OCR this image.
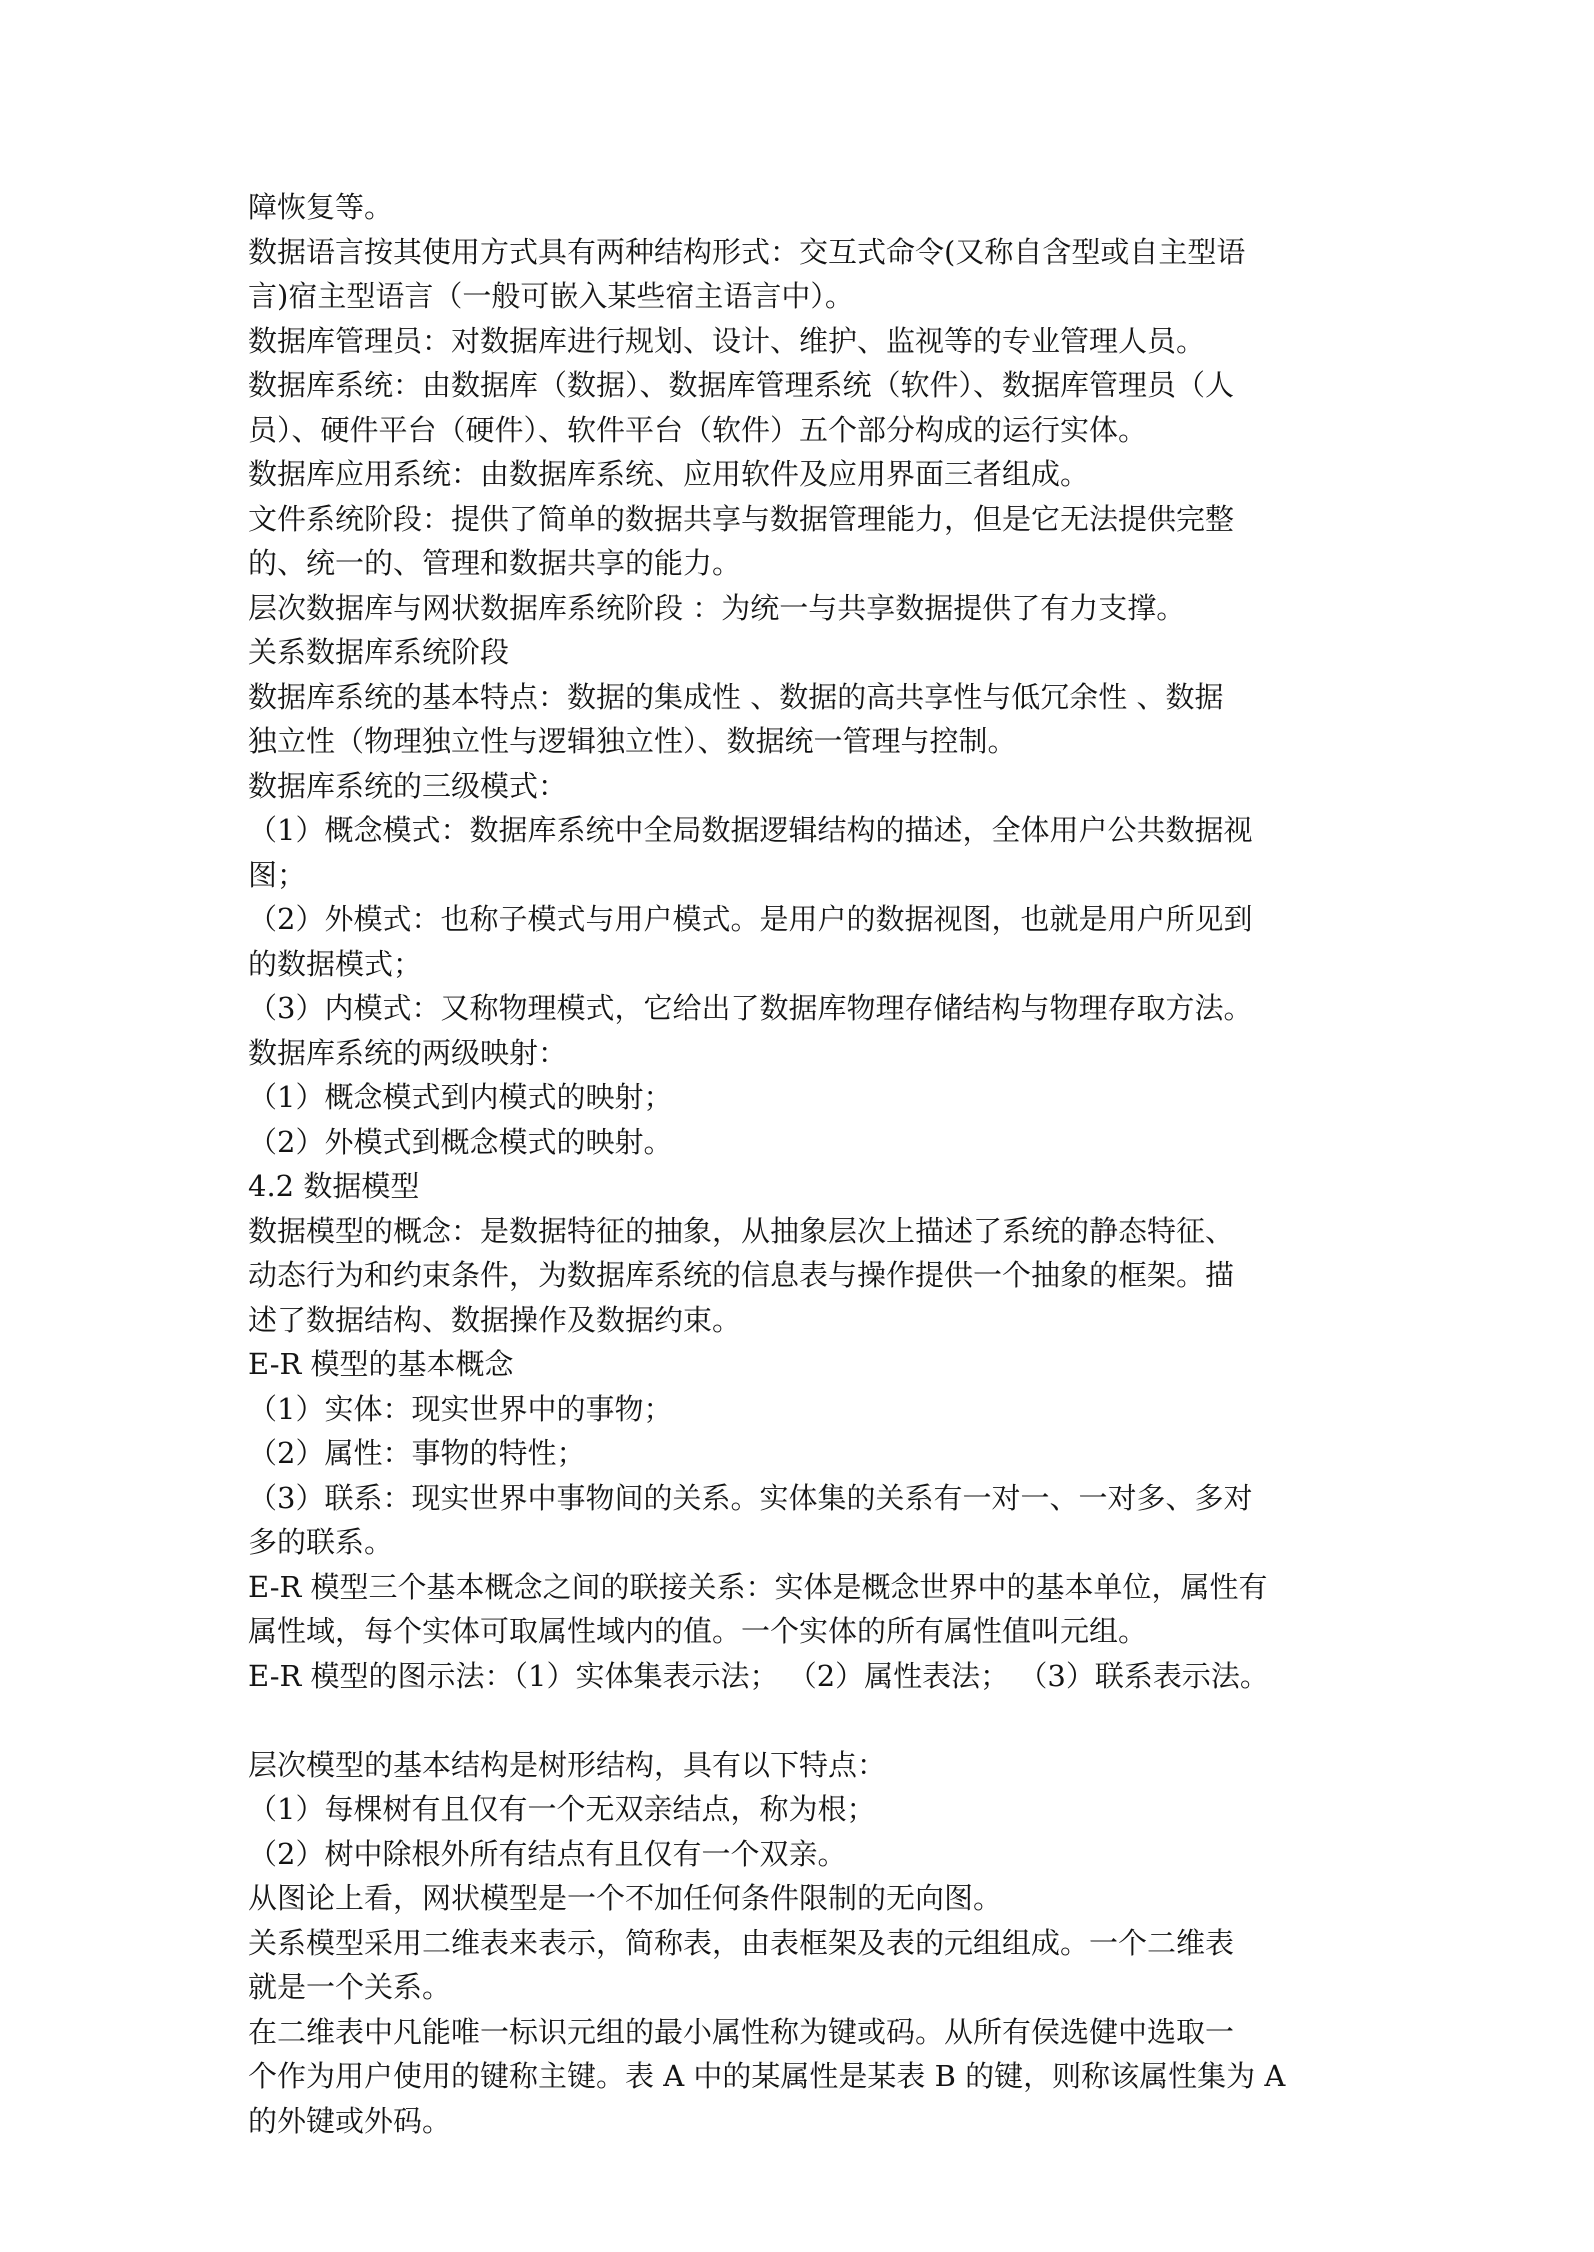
障恢复等。
数据语言按其使用方式具有两种结构形式：交互式命令(又称自含型或自主型语
言)宿主型语言（一般可嵌入某些宿主语言中）。
数据库管理员：对数据库进行规划、设计、维护、监视等的专业管理人员。
数据库系统：由数据库（数据）、数据库管理系统（软件）、数据库管理员（人
员）、硬件平台（硬件）、软件平台（软件）五个部分构成的运行实体。
数据库应用系统：由数据库系统、应用软件及应用界面三者组成。
文件系统阶段：提供了简单的数据共享与数据管理能力，但是它无法提供完整
的、统一的、管理和数据共享的能力。
层次数据库与网状数据库系统阶段 ：为统一与共享数据提供了有力支撑。
关系数据库系统阶段
数据库系统的基本特点：数据的集成性 、数据的高共享性与低冗余性 、数据
独立性（物理独立性与逻辑独立性）、数据统一管理与控制。
数据库系统的三级模式：
（1）概念模式：数据库系统中全局数据逻辑结构的描述，全体用户公共数据视
图；
（2）外模式：也称子模式与用户模式。是用户的数据视图，也就是用户所见到
的数据模式；
（3）内模式：又称物理模式，它给出了数据库物理存储结构与物理存取方法。
数据库系统的两级映射：
（1）概念模式到内模式的映射；
（2）外模式到概念模式的映射。
4.2 数据模型
数据模型的概念：是数据特征的抽象，从抽象层次上描述了系统的静态特征、
动态行为和约束条件，为数据库系统的信息表与操作提供一个抽象的框架。描
述了数据结构、数据操作及数据约束。
E-R 模型的基本概念
（1）实体：现实世界中的事物；
（2）属性：事物的特性；
（3）联系：现实世界中事物间的关系。实体集的关系有一对一、一对多、多对
多的联系。
E-R 模型三个基本概念之间的联接关系：实体是概念世界中的基本单位，属性有
属性域，每个实体可取属性域内的值。一个实体的所有属性值叫元组。
E-R 模型的图示法：（1）实体集表示法； （2）属性表法； （3）联系表示法。
层次模型的基本结构是树形结构，具有以下特点：
（1）每棵树有且仅有一个无双亲结点，称为根；
（2）树中除根外所有结点有且仅有一个双亲。
从图论上看，网状模型是一个不加任何条件限制的无向图。
关系模型采用二维表来表示，简称表，由表框架及表的元组组成。一个二维表
就是一个关系。
在二维表中凡能唯一标识元组的最小属性称为键或码。从所有侯选健中选取一
个作为用户使用的键称主键。表 A 中的某属性是某表 B 的键，则称该属性集为 A
的外键或外码。
